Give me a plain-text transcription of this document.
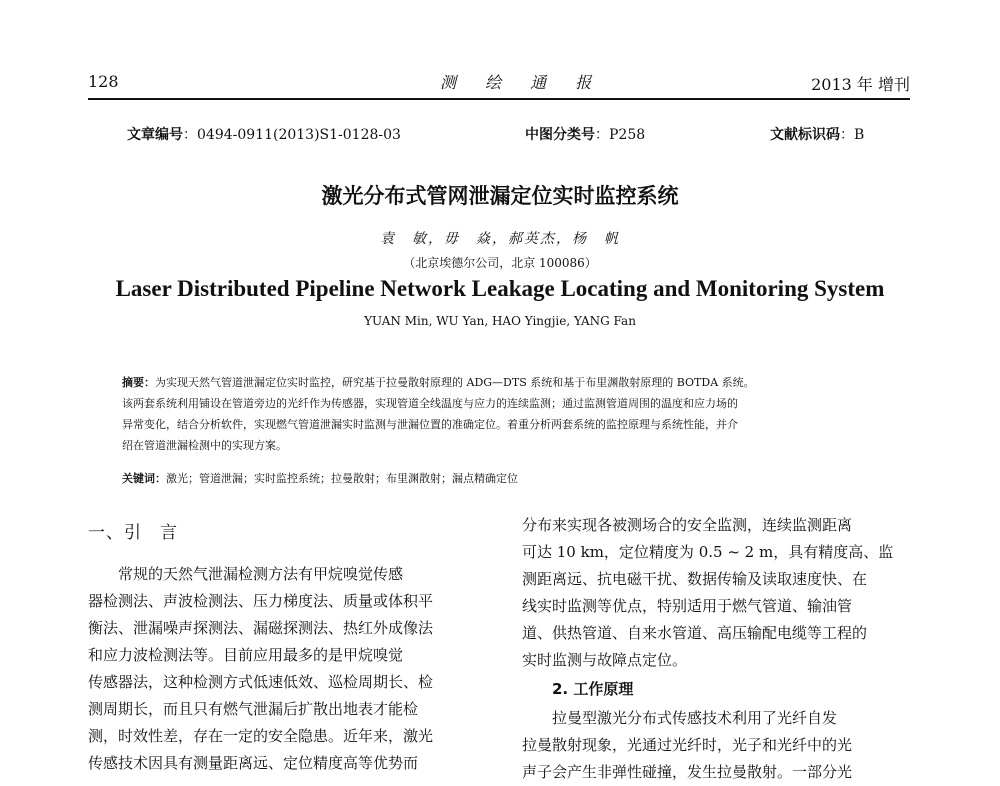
128	测 绘 通 报	2013 年 增刊
文章编号：0494-0911(2013)S1-0128-03	中图分类号：P258	文献标识码：B
激光分布式管网泄漏定位实时监控系统
袁　敏，毋　焱，郝英杰，杨　帆
（北京埃德尔公司，北京 100086）
Laser Distributed Pipeline Network Leakage Locating and Monitoring System
YUAN Min, WU Yan, HAO Yingjie, YANG Fan
摘要：为实现天然气管道泄漏定位实时监控，研究基于拉曼散射原理的 ADG—DTS 系统和基于布里渊散射原理的 BOTDA 系统。
该两套系统利用铺设在管道旁边的光纤作为传感器，实现管道全线温度与应力的连续监测；通过监测管道周围的温度和应力场的
异常变化，结合分析软件，实现燃气管道泄漏实时监测与泄漏位置的准确定位。着重分析两套系统的监控原理与系统性能，并介
绍在管道泄漏检测中的实现方案。
关键词：激光；管道泄漏；实时监控系统；拉曼散射；布里渊散射；漏点精确定位
一、引　言
常规的天然气泄漏检测方法有甲烷嗅觉传感
器检测法、声波检测法、压力梯度法、质量或体积平
衡法、泄漏噪声探测法、漏磁探测法、热红外成像法
和应力波检测法等。目前应用最多的是甲烷嗅觉
传感器法，这种检测方式低速低效、巡检周期长、检
测周期长，而且只有燃气泄漏后扩散出地表才能检
测，时效性差，存在一定的安全隐患。近年来，激光
传感技术因具有测量距离远、定位精度高等优势而
分布来实现各被测场合的安全监测，连续监测距离
可达 10 km，定位精度为 0.5 ~ 2 m，具有精度高、监
测距离远、抗电磁干扰、数据传输及读取速度快、在
线实时监测等优点，特别适用于燃气管道、输油管
道、供热管道、自来水管道、高压输配电缆等工程的
实时监测与故障点定位。
2. 工作原理
拉曼型激光分布式传感技术利用了光纤自发
拉曼散射现象，光通过光纤时，光子和光纤中的光
声子会产生非弹性碰撞，发生拉曼散射。一部分光
